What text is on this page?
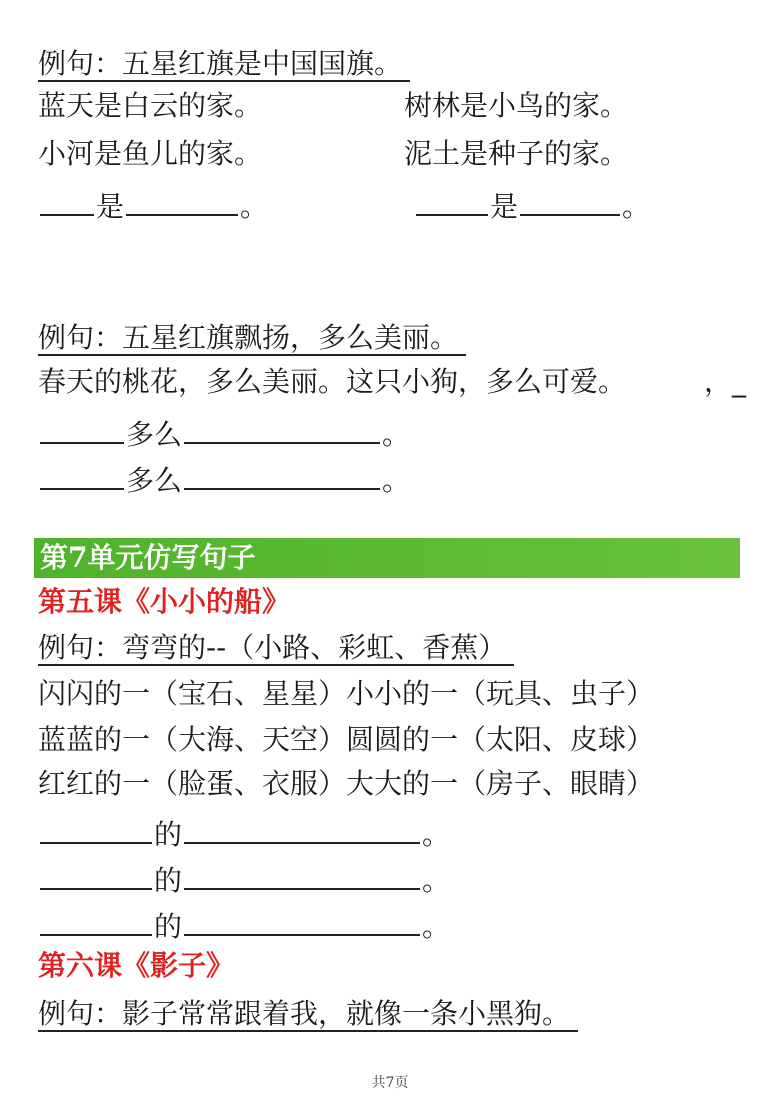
例句：五星红旗是中国国旗。
蓝天是白云的家。	树林是小鸟的家。
小河是鱼儿的家。	泥土是种子的家。
是	。	是	。
例句：五星红旗飘扬，多么美丽。
春天的桃花，多么美丽。这只小狗，多么可爱。	，_
多么	。
多么	。
第7单元仿写句子
第五课《小小的船》
例句：弯弯的--（小路、彩虹、香蕉）
闪闪的一（宝石、星星）小小的一（玩具、虫子）
蓝蓝的一（大海、天空）圆圆的一（太阳、皮球）
红红的一（脸蛋、衣服）大大的一（房子、眼睛）
的	。
的	。
的	。
第六课《影子》
例句：影子常常跟着我，就像一条小黑狗。
共7页
